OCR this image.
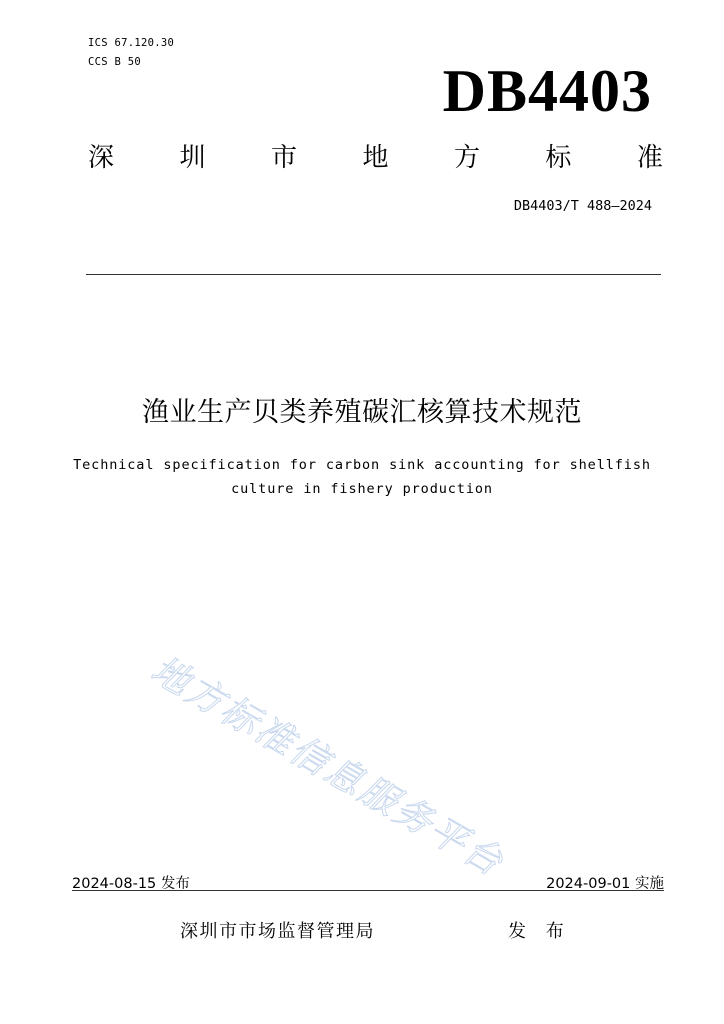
ICS 67.120.30
CCS B 50	DB4403
深	圳	市	地	方	标	准
DB4403/T 488—2024
渔业生产贝类养殖碳汇核算技术规范
Technical specification for carbon sink accounting for shellfish
culture in fishery production
地方标准信息服务平台
2024-08-15 发布	2024-09-01 实施
深圳市市场监督管理局	发 布
